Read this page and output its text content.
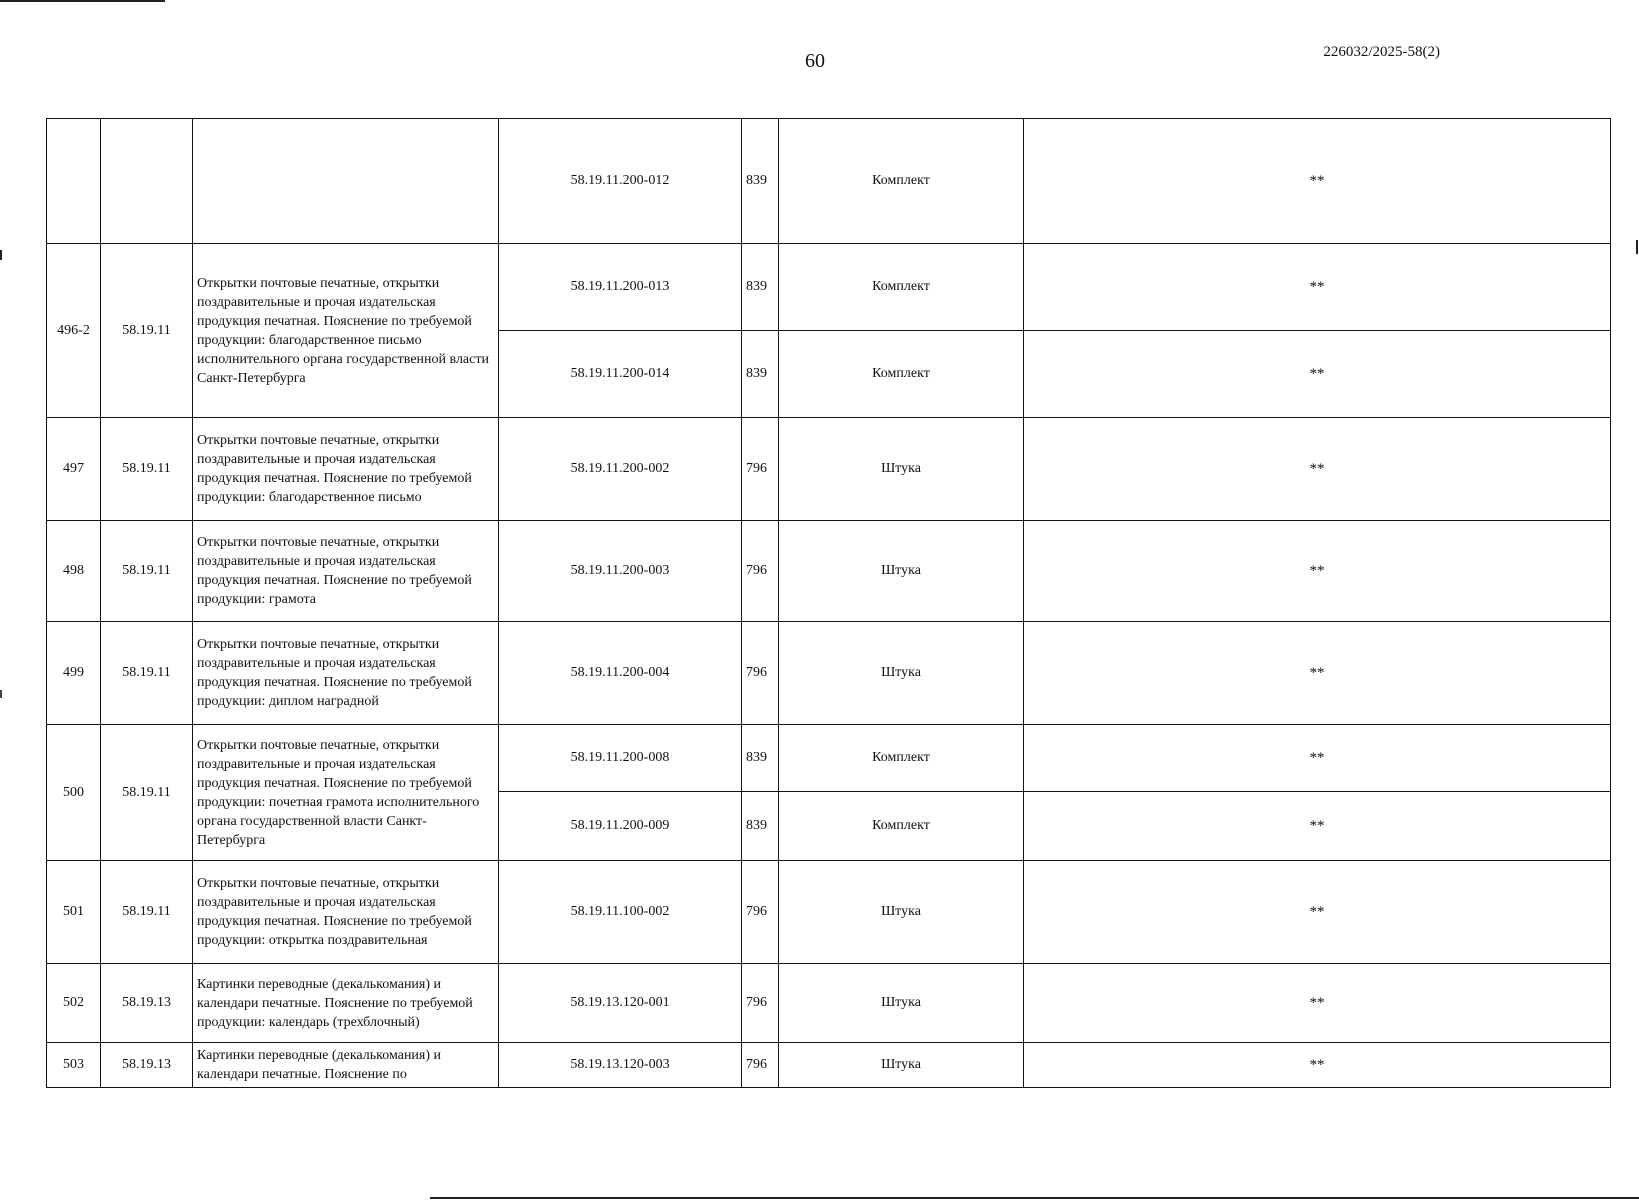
60	226032/2025-58(2)
			58.19.11.200-012	839	Комплект	**
496-2	58.19.11	Открытки почтовые печатные, открытки поздравительные и прочая издательская продукция печатная. Пояснение по требуемой продукции: благодарственное письмо исполнительного органа государственной власти Санкт-Петербурга	58.19.11.200-013	839	Комплект	**
			58.19.11.200-014	839	Комплект	**
497	58.19.11	Открытки почтовые печатные, открытки поздравительные и прочая издательская продукция печатная. Пояснение по требуемой продукции: благодарственное письмо	58.19.11.200-002	796	Штука	**
498	58.19.11	Открытки почтовые печатные, открытки поздравительные и прочая издательская продукция печатная. Пояснение по требуемой продукции: грамота	58.19.11.200-003	796	Штука	**
499	58.19.11	Открытки почтовые печатные, открытки поздравительные и прочая издательская продукция печатная. Пояснение по требуемой продукции: диплом наградной	58.19.11.200-004	796	Штука	**
500	58.19.11	Открытки почтовые печатные, открытки поздравительные и прочая издательская продукция печатная. Пояснение по требуемой продукции: почетная грамота исполнительного органа государственной власти Санкт-Петербурга	58.19.11.200-008	839	Комплект	**
			58.19.11.200-009	839	Комплект	**
501	58.19.11	Открытки почтовые печатные, открытки поздравительные и прочая издательская продукция печатная. Пояснение по требуемой продукции: открытка поздравительная	58.19.11.100-002	796	Штука	**
502	58.19.13	Картинки переводные (декалькомания) и календари печатные. Пояснение по требуемой продукции: календарь (трехблочный)	58.19.13.120-001	796	Штука	**
503	58.19.13	Картинки переводные (декалькомания) и календари печатные. Пояснение по	58.19.13.120-003	796	Штука	**
